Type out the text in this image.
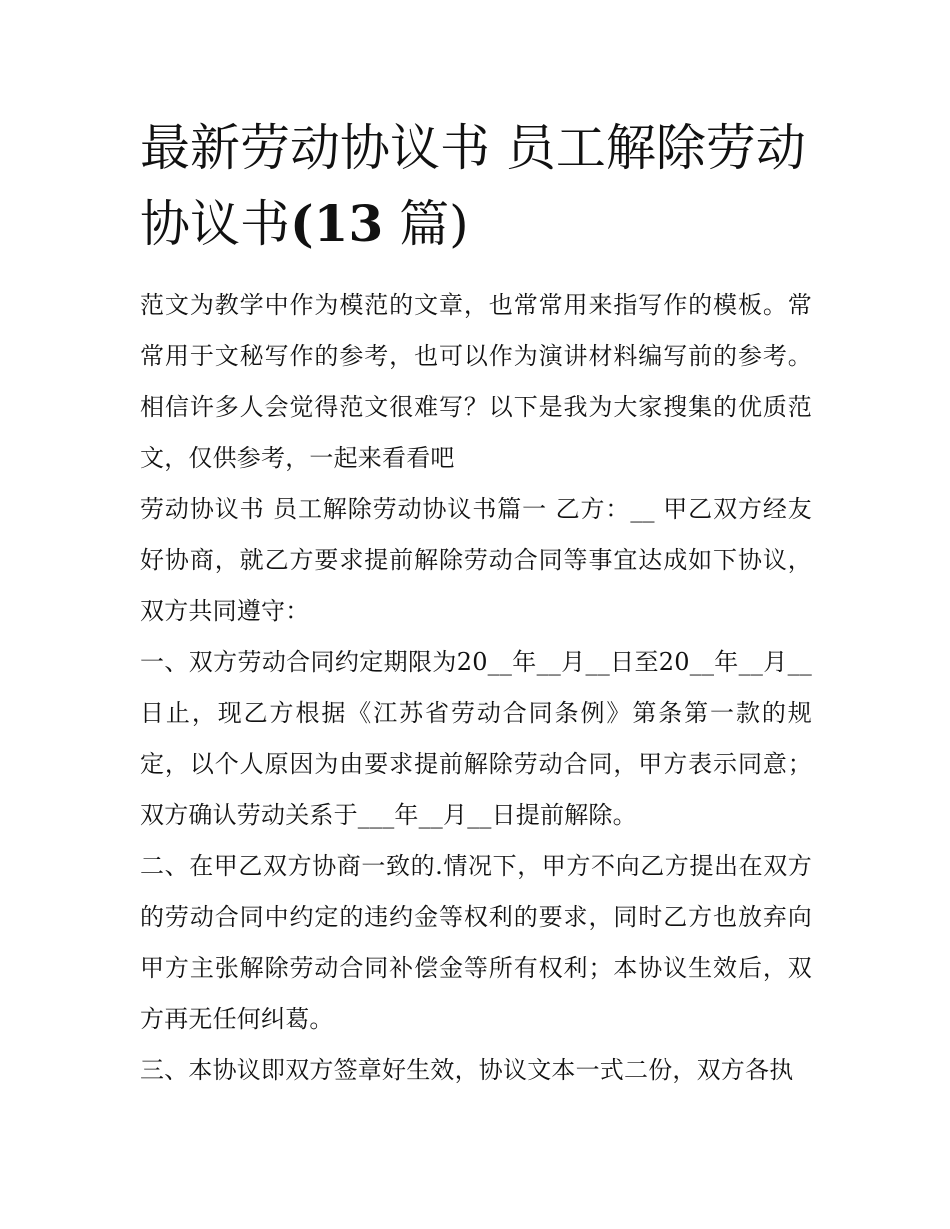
最新劳动协议书 员工解除劳动协议书(13 篇)

范文为教学中作为模范的文章，也常常用来指写作的模板。常常用于文秘写作的参考，也可以作为演讲材料编写前的参考。相信许多人会觉得范文很难写？以下是我为大家搜集的优质范文，仅供参考，一起来看看吧

劳动协议书 员工解除劳动协议书篇一 乙方：__ 甲乙双方经友好协商，就乙方要求提前解除劳动合同等事宜达成如下协议，双方共同遵守：

一、双方劳动合同约定期限为20__年__月__日至20__年__月__日止，现乙方根据《江苏省劳动合同条例》第条第一款的规定，以个人原因为由要求提前解除劳动合同，甲方表示同意；双方确认劳动关系于___年__月__日提前解除。

二、在甲乙双方协商一致的.情况下，甲方不向乙方提出在双方的劳动合同中约定的违约金等权利的要求，同时乙方也放弃向甲方主张解除劳动合同补偿金等所有权利；本协议生效后，双方再无任何纠葛。

三、本协议即双方签章好生效，协议文本一式二份，双方各执
